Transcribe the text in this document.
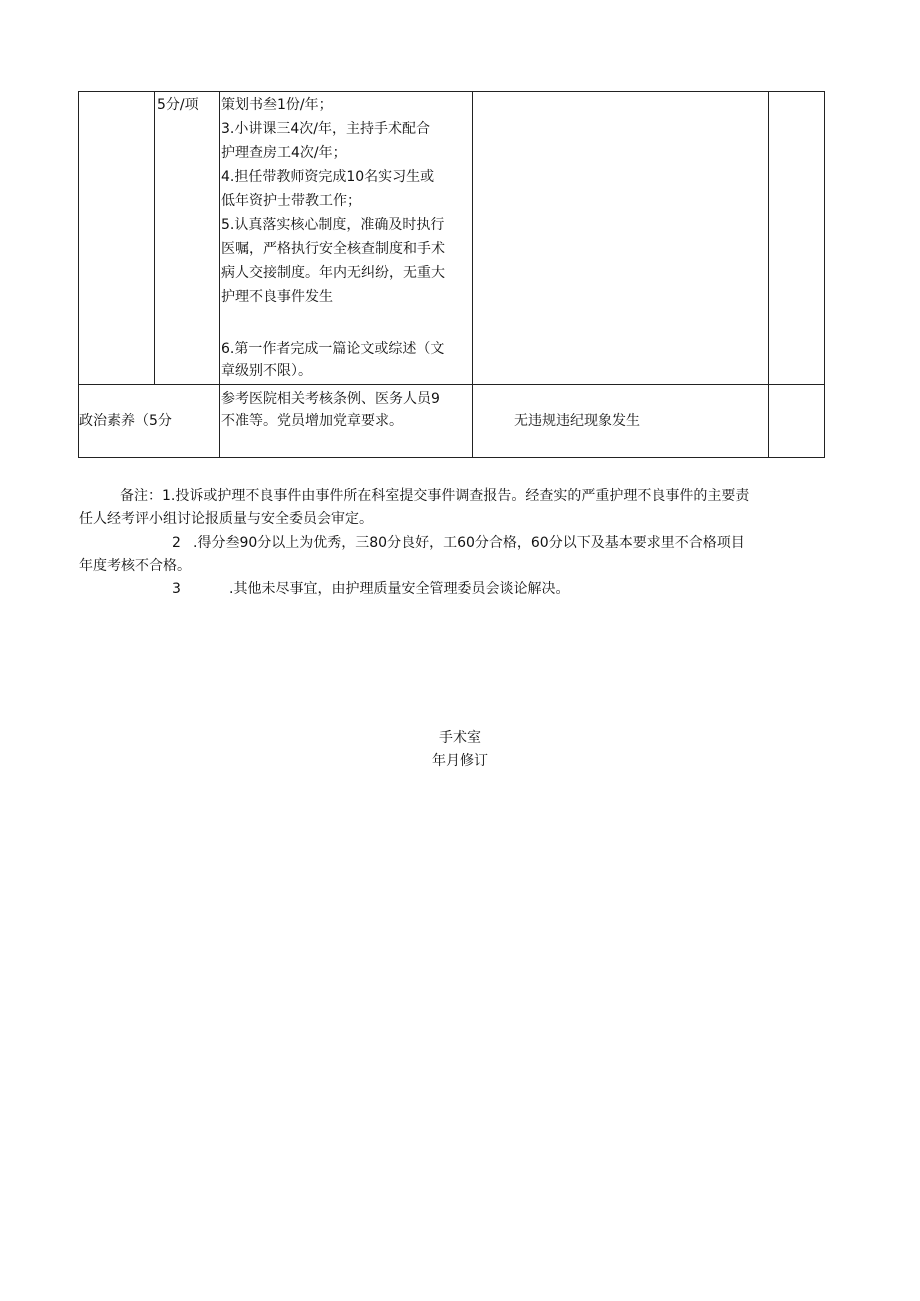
5分/项 策划书叁1份/年；
3.小讲课三4次/年，主持手术配合
护理查房工4次/年；
4.担任带教师资完成10名实习生或
低年资护士带教工作；
5.认真落实核心制度，准确及时执行
医嘱，严格执行安全核查制度和手术
病人交接制度。年内无纠纷，无重大
护理不良事件发生
6.第一作者完成一篇论文或综述（文
章级别不限）。
政治素养（5分
参考医院相关考核条例、医务人员9
不准等。党员增加党章要求。	无违规违纪现象发生
备注：1.投诉或护理不良事件由事件所在科室提交事件调查报告。经查实的严重护理不良事件的主要责
任人经考评小组讨论报质量与安全委员会审定。
2 .得分叁90分以上为优秀，三80分良好，工60分合格，60分以下及基本要求里不合格项目
年度考核不合格。
3	.其他未尽事宜，由护理质量安全管理委员会谈论解决。
手术室
年月修订
